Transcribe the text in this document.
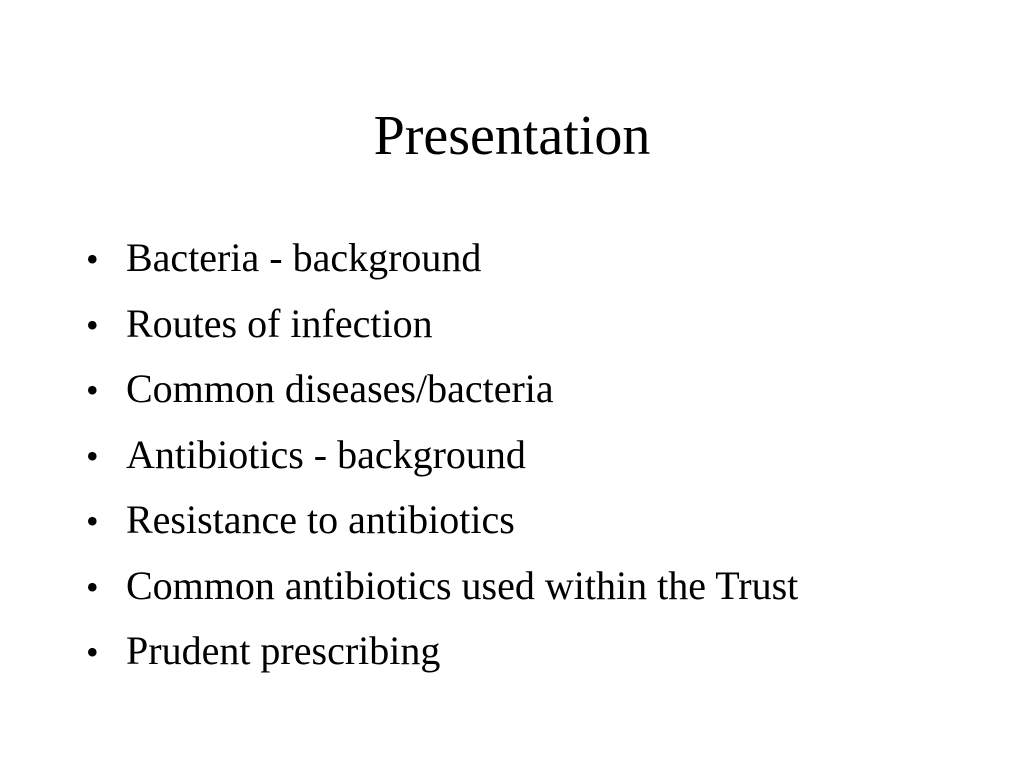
Presentation
• Bacteria - background
• Routes of infection
• Common diseases/bacteria
• Antibiotics - background
• Resistance to antibiotics
• Common antibiotics used within the Trust
• Prudent prescribing
